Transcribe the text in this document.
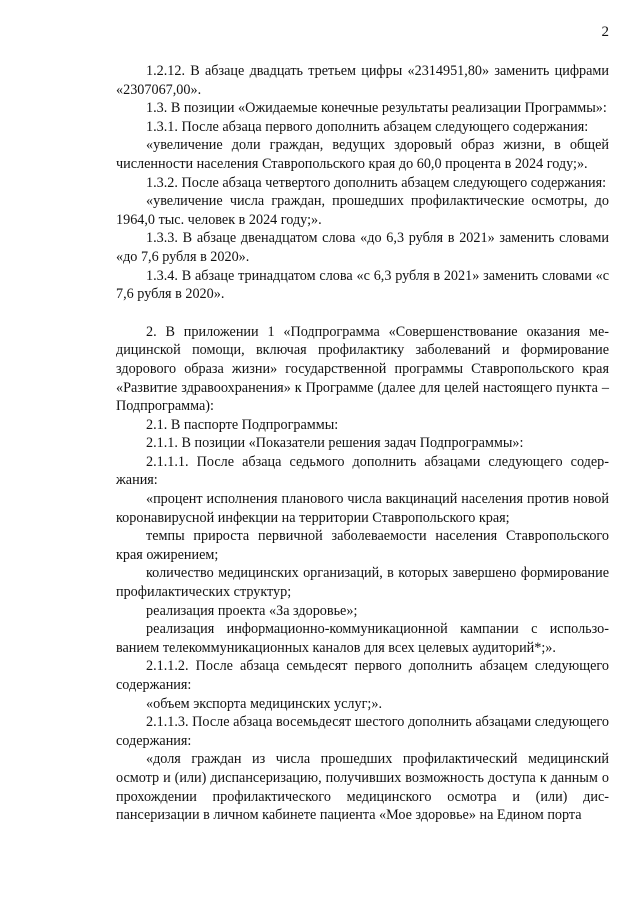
2

1.2.12. В абзаце двадцать третьем цифры «2314951,80» заменить цифрами «2307067,00».

1.3. В позиции «Ожидаемые конечные результаты реализации Программы»:

1.3.1. После абзаца первого дополнить абзацем следующего содержания:

«увеличение доли граждан, ведущих здоровый образ жизни, в общей численности населения Ставропольского края до 60,0 процента в 2024 году;».

1.3.2. После абзаца четвертого дополнить абзацем следующего содержания:

«увеличение числа граждан, прошедших профилактические осмотры, до 1964,0 тыс. человек в 2024 году;».

1.3.3. В абзаце двенадцатом слова «до 6,3 рубля в 2021» заменить словами «до 7,6 рубля в 2020».

1.3.4. В абзаце тринадцатом слова «с 6,3 рубля в 2021» заменить словами «с 7,6 рубля в 2020».

2. В приложении 1 «Подпрограмма «Совершенствование оказания медицинской помощи, включая профилактику заболеваний и формирование здорового образа жизни» государственной программы Ставропольского края «Развитие здравоохранения» к Программе (далее для целей настоящего пункта – Подпрограмма):

2.1. В паспорте Подпрограммы:

2.1.1. В позиции «Показатели решения задач Подпрограммы»:

2.1.1.1. После абзаца седьмого дополнить абзацами следующего содержания:

«процент исполнения планового числа вакцинаций населения против новой коронавирусной инфекции на территории Ставропольского края;

темпы прироста первичной заболеваемости населения Ставропольского края ожирением;

количество медицинских организаций, в которых завершено формирование профилактических структур;

реализация проекта «За здоровье»;

реализация информационно-коммуникационной кампании с использованием телекоммуникационных каналов для всех целевых аудиторий*;».

2.1.1.2. После абзаца семьдесят первого дополнить абзацем следующего содержания:

«объем экспорта медицинских услуг;».

2.1.1.3. После абзаца восемьдесят шестого дополнить абзацами следующего содержания:

«доля граждан из числа прошедших профилактический медицинский осмотр и (или) диспансеризацию, получивших возможность доступа к данным о прохождении профилактического медицинского осмотра и (или) диспансеризации в личном кабинете пациента «Мое здоровье» на Едином порта
